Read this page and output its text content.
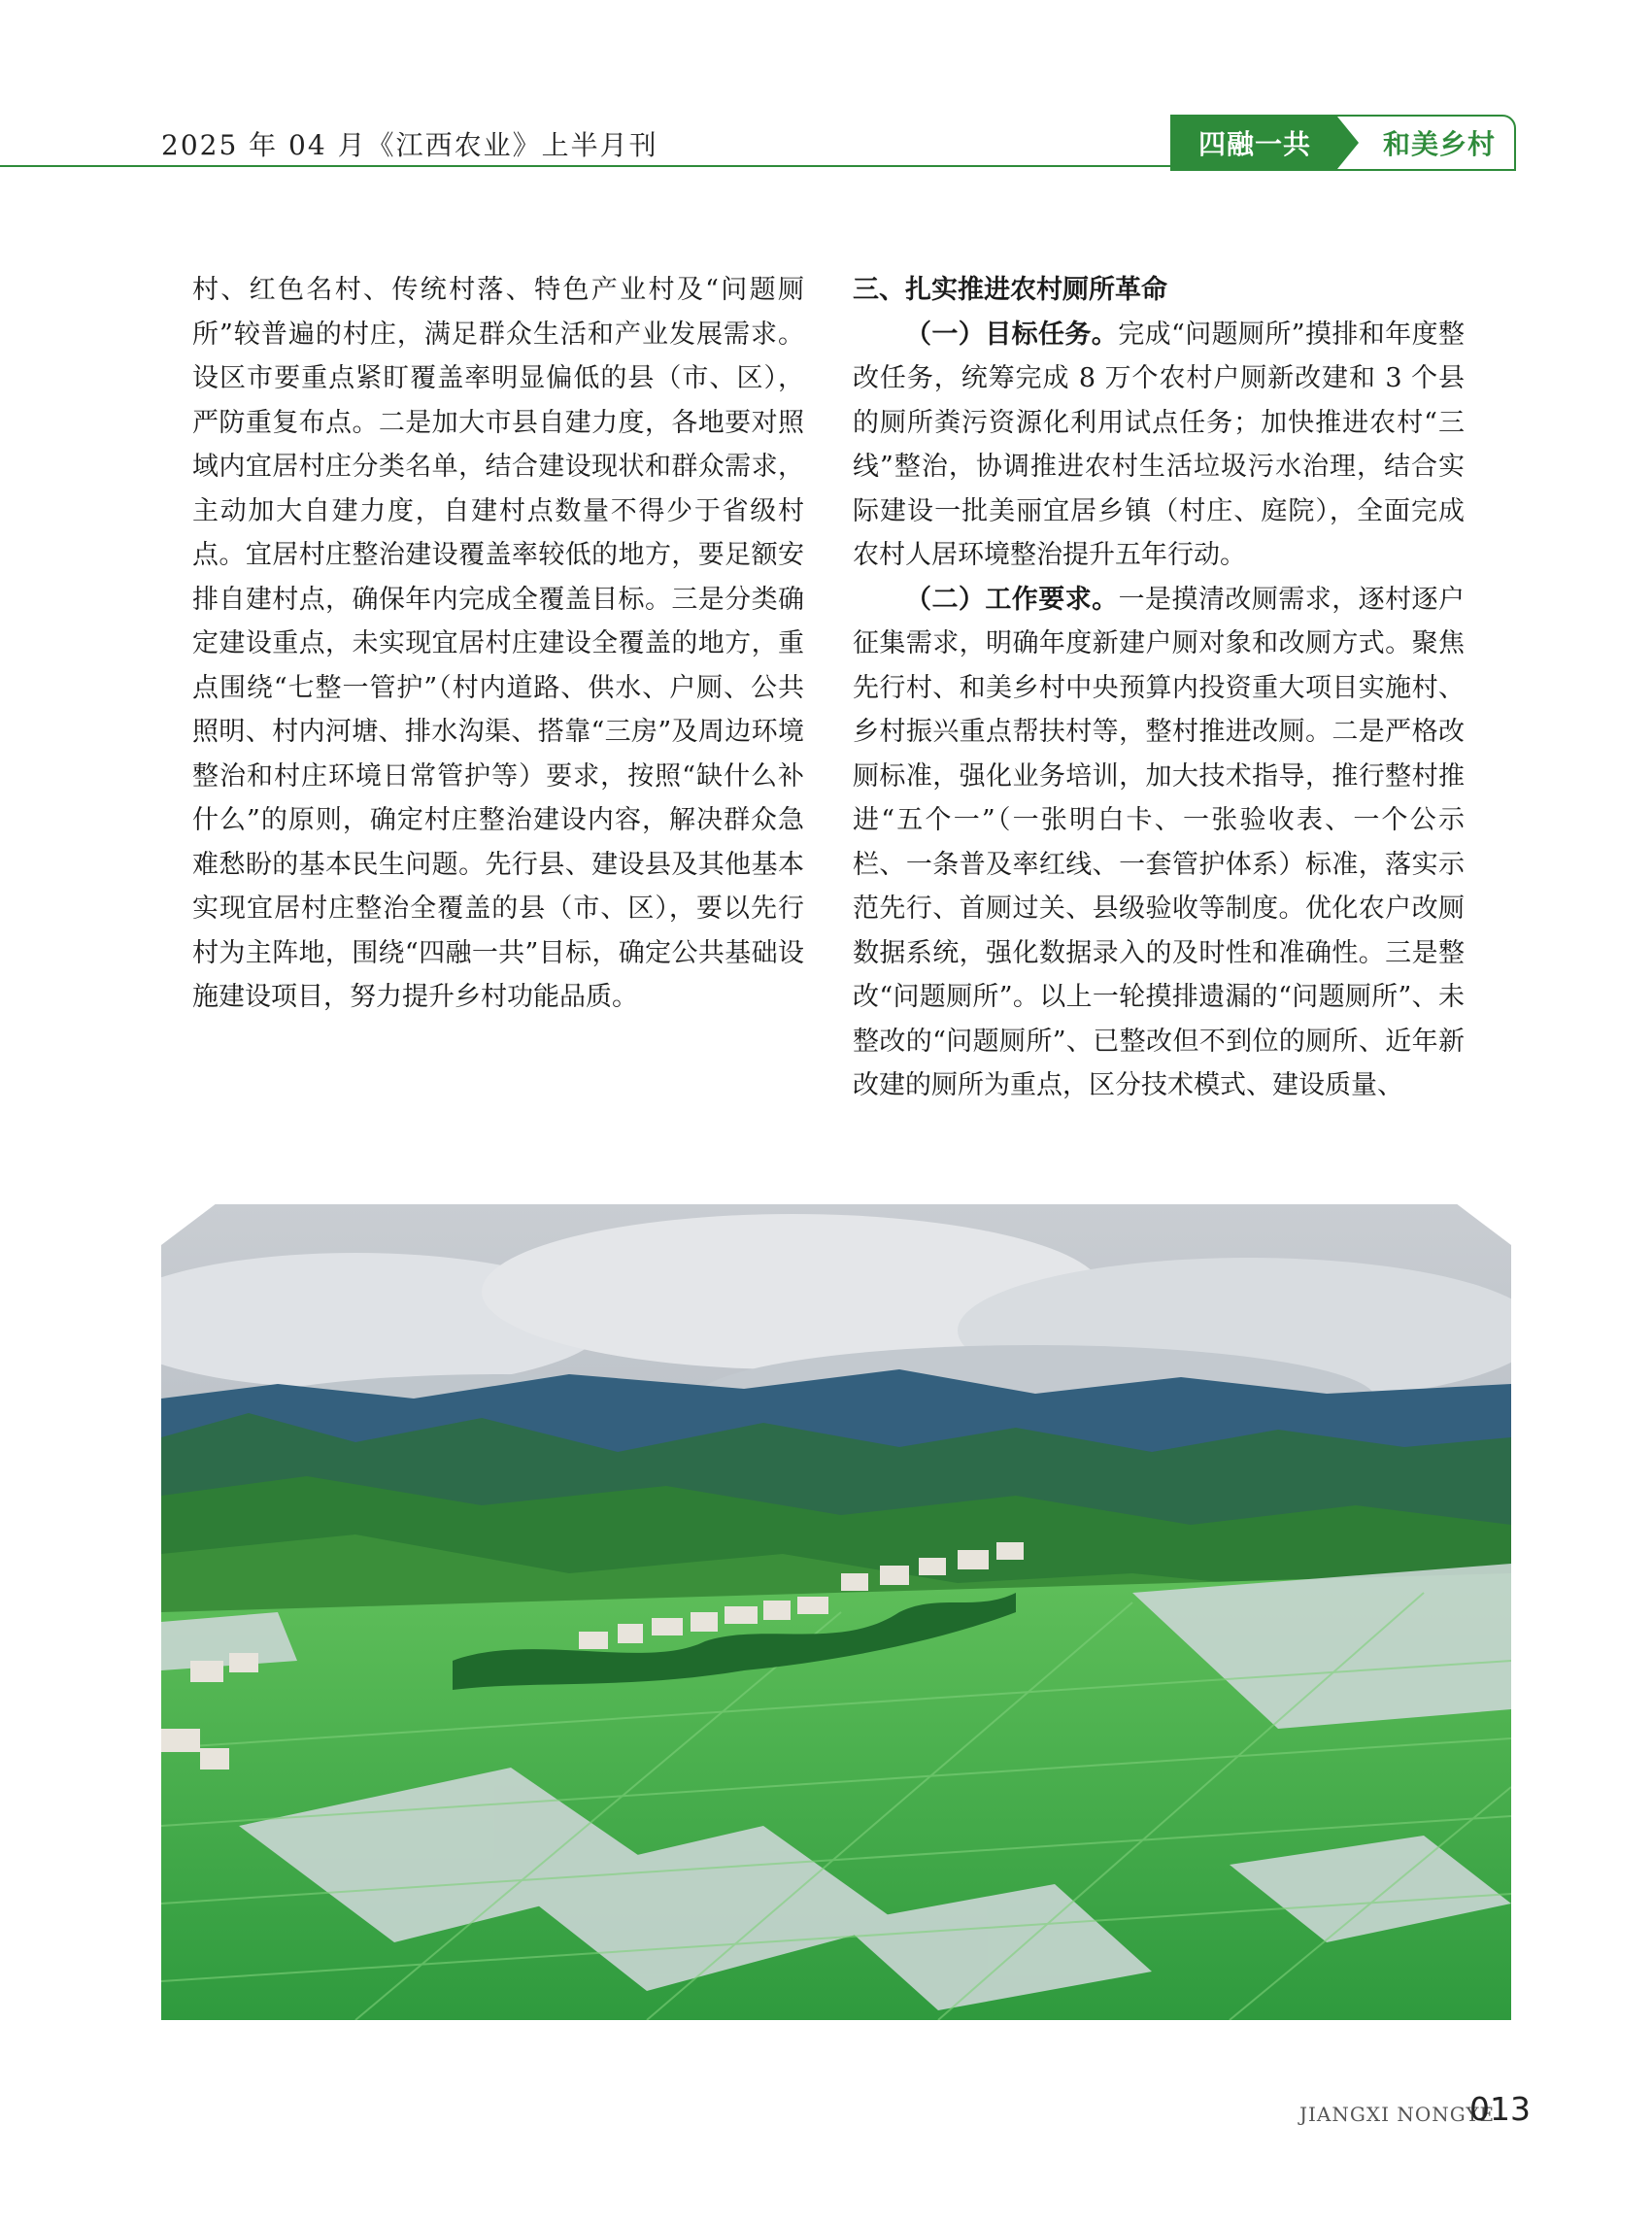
2025 年 04 月《江西农业》上半月刊	四融一共	和美乡村

村、红色名村、传统村落、特色产业村及“问题厕所”较普遍的村庄，满足群众生活和产业发展需求。设区市要重点紧盯覆盖率明显偏低的县（市、区），严防重复布点。二是加大市县自建力度，各地要对照域内宜居村庄分类名单，结合建设现状和群众需求，主动加大自建力度，自建村点数量不得少于省级村点。宜居村庄整治建设覆盖率较低的地方，要足额安排自建村点，确保年内完成全覆盖目标。三是分类确定建设重点，未实现宜居村庄建设全覆盖的地方，重点围绕“七整一管护”（村内道路、供水、户厕、公共照明、村内河塘、排水沟渠、搭靠“三房”及周边环境整治和村庄环境日常管护等）要求，按照“缺什么补什么”的原则，确定村庄整治建设内容，解决群众急难愁盼的基本民生问题。先行县、建设县及其他基本实现宜居村庄整治全覆盖的县（市、区），要以先行村为主阵地，围绕“四融一共”目标，确定公共基础设施建设项目，努力提升乡村功能品质。

三、扎实推进农村厕所革命

（一）目标任务。完成“问题厕所”摸排和年度整改任务，统筹完成 8 万个农村户厕新改建和 3 个县的厕所粪污资源化利用试点任务；加快推进农村“三线”整治，协调推进农村生活垃圾污水治理，结合实际建设一批美丽宜居乡镇（村庄、庭院），全面完成农村人居环境整治提升五年行动。

（二）工作要求。一是摸清改厕需求，逐村逐户征集需求，明确年度新建户厕对象和改厕方式。聚焦先行村、和美乡村中央预算内投资重大项目实施村、乡村振兴重点帮扶村等，整村推进改厕。二是严格改厕标准，强化业务培训，加大技术指导，推行整村推进“五个一”（一张明白卡、一张验收表、一个公示栏、一条普及率红线、一套管护体系）标准，落实示范先行、首厕过关、县级验收等制度。优化农户改厕数据系统，强化数据录入的及时性和准确性。三是整改“问题厕所”。以上一轮摸排遗漏的“问题厕所”、未整改的“问题厕所”、已整改但不到位的厕所、近年新改建的厕所为重点，区分技术模式、建设质量、

JIANGXI NONGYE
013
